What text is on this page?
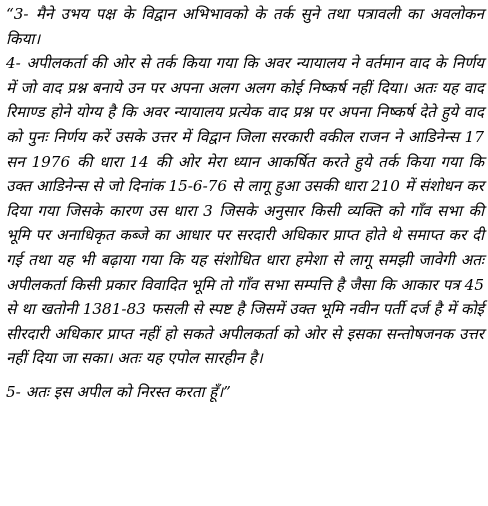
“3- मैने उभय पक्ष के विद्वान अभिभावको के तर्क सुने तथा पत्रावली का अवलोकन किया।

4- अपीलकर्ता की ओर से तर्क किया गया कि अवर न्यायालय ने वर्तमान वाद के निर्णय में जो वाद प्रश्न बनाये उन पर अपना अलग अलग कोई निष्कर्ष नहीं दिया। अतः यह वाद रिमाण्ड होने योग्य है कि अवर न्यायालय प्रत्येक वाद प्रश्न पर अपना निष्कर्ष देते हुये वाद को पुनः निर्णय करें उसके उत्तर में विद्वान जिला सरकारी वकील राजन ने आडिनेन्स 17 सन 1976 की धारा 14 की ओर मेरा ध्यान आकर्षित करते हुये तर्क किया गया कि उक्त आडिनेन्स से जो दिनांक 15-6-76 से लागू हुआ उसकी धारा 210 में संशोधन कर दिया गया जिसके कारण उस धारा 3 जिसके अनुसार किसी व्यक्ति को गाँव सभा की भूमि पर अनाधिकृत कब्जे का आधार पर सरदारी अधिकार प्राप्त होते थे समाप्त कर दी गई तथा यह भी बढ़ाया गया कि यह संशोधित धारा हमेशा से लागू समझी जावेगी अतः अपीलकर्ता किसी प्रकार विवादित भूमि तो गाँव सभा सम्पत्ति है जैसा कि आकार पत्र 45 से था खतोनी 1381-83 फसली से स्पष्ट है जिसमें उक्त भूमि नवीन पर्ती दर्ज है में कोई सीरदारी अधिकार प्राप्त नहीं हो सकते अपीलकर्ता को ओर से इसका सन्तोषजनक उत्तर नहीं दिया जा सका। अतः यह एपोल सारहीन है।

5- अतः इस अपील को निरस्त करता हूँ।”
